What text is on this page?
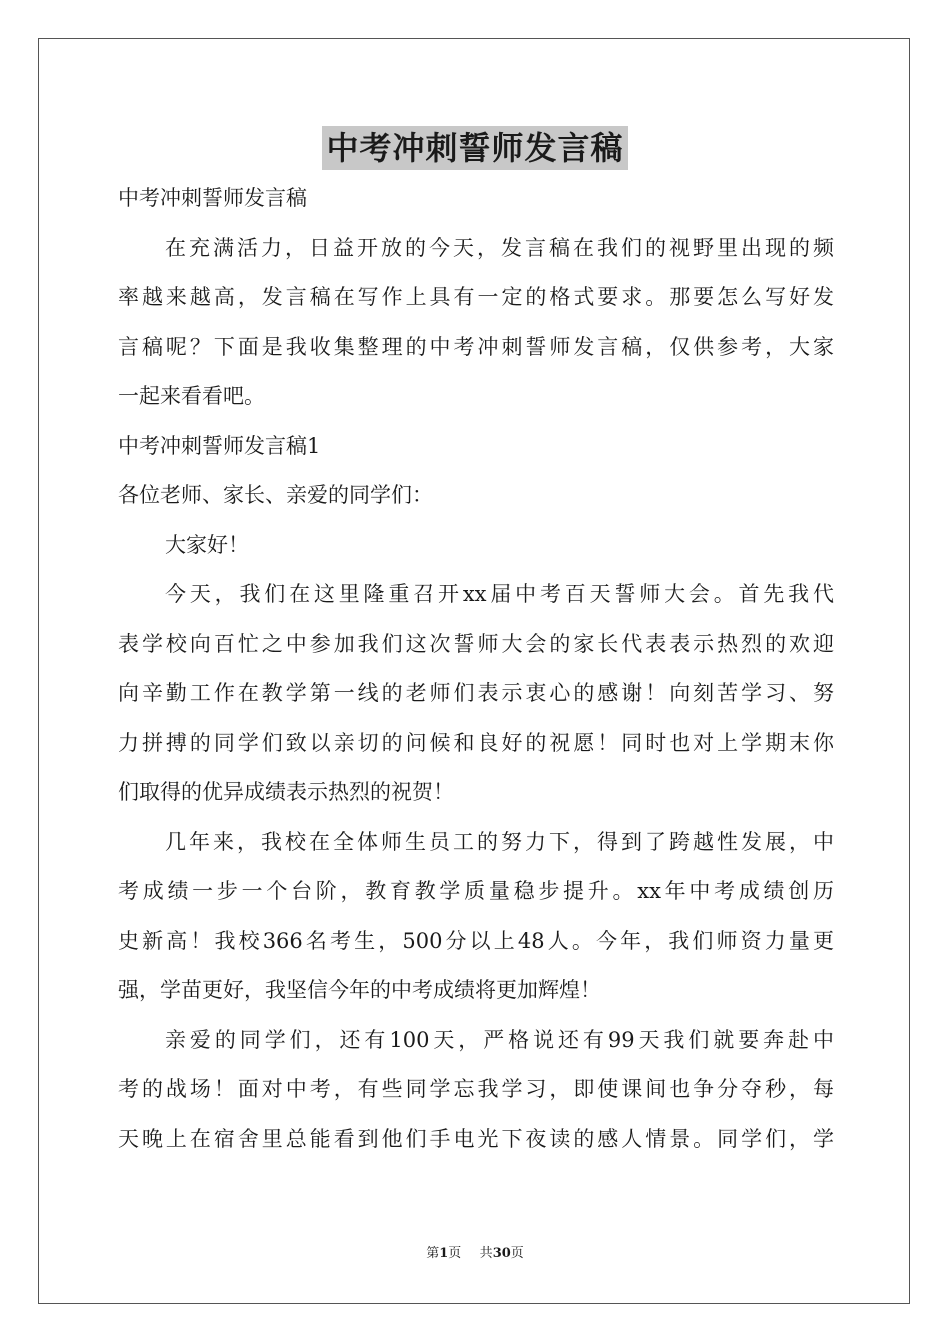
中考冲刺誓师发言稿
中考冲刺誓师发言稿
在充满活力，日益开放的今天，发言稿在我们的视野里出现的频
率越来越高，发言稿在写作上具有一定的格式要求。那要怎么写好发
言稿呢？下面是我收集整理的中考冲刺誓师发言稿，仅供参考，大家
一起来看看吧。
中考冲刺誓师发言稿1
各位老师、家长、亲爱的同学们：
大家好！
今天，我们在这里隆重召开xx届中考百天誓师大会。首先我代
表学校向百忙之中参加我们这次誓师大会的家长代表表示热烈的欢迎
向辛勤工作在教学第一线的老师们表示衷心的感谢！向刻苦学习、努
力拼搏的同学们致以亲切的问候和良好的祝愿！同时也对上学期末你
们取得的优异成绩表示热烈的祝贺！
几年来，我校在全体师生员工的努力下，得到了跨越性发展，中
考成绩一步一个台阶，教育教学质量稳步提升。xx年中考成绩创历
史新高！我校366名考生，500分以上48人。今年，我们师资力量更
强，学苗更好，我坚信今年的中考成绩将更加辉煌！
亲爱的同学们，还有100天，严格说还有99天我们就要奔赴中
考的战场！面对中考，有些同学忘我学习，即使课间也争分夺秒，每
天晚上在宿舍里总能看到他们手电光下夜读的感人情景。同学们，学
第1页 共30页
